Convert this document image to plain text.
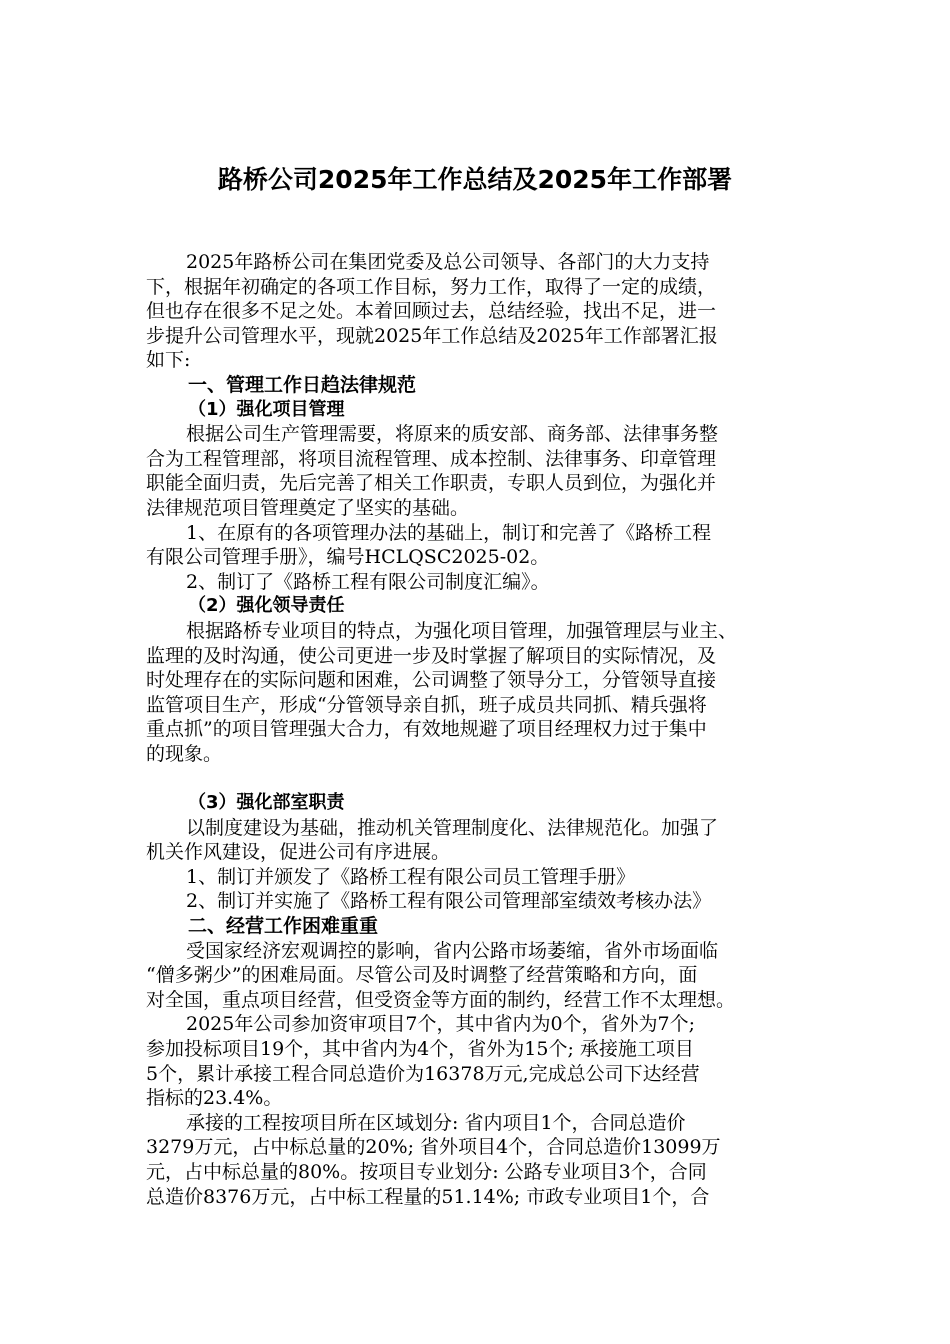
路桥公司2025年工作总结及2025年工作部署
2025年路桥公司在集团党委及总公司领导、各部门的大力支持
下，根据年初确定的各项工作目标，努力工作，取得了一定的成绩，
但也存在很多不足之处。本着回顾过去，总结经验，找出不足，进一
步提升公司管理水平，现就2025年工作总结及2025年工作部署汇报
如下:
一、管理工作日趋法律规范
（1）强化项目管理
根据公司生产管理需要，将原来的质安部、商务部、法律事务整
合为工程管理部，将项目流程管理、成本控制、法律事务、印章管理
职能全面归责，先后完善了相关工作职责，专职人员到位，为强化并
法律规范项目管理奠定了坚实的基础。
1、在原有的各项管理办法的基础上，制订和完善了《路桥工程
有限公司管理手册》，编号HCLQSC2025-02。
2、制订了《路桥工程有限公司制度汇编》。
（2）强化领导责任
根据路桥专业项目的特点，为强化项目管理，加强管理层与业主、
监理的及时沟通，使公司更进一步及时掌握了解项目的实际情况，及
时处理存在的实际问题和困难，公司调整了领导分工，分管领导直接
监管项目生产，形成“分管领导亲自抓，班子成员共同抓、精兵强将
重点抓”的项目管理强大合力，有效地规避了项目经理权力过于集中
的现象。
（3）强化部室职责
以制度建设为基础，推动机关管理制度化、法律规范化。加强了
机关作风建设，促进公司有序进展。
1、制订并颁发了《路桥工程有限公司员工管理手册》
2、制订并实施了《路桥工程有限公司管理部室绩效考核办法》
二、经营工作困难重重
受国家经济宏观调控的影响，省内公路市场萎缩，省外市场面临
“僧多粥少”的困难局面。尽管公司及时调整了经营策略和方向，面
对全国，重点项目经营，但受资金等方面的制约，经营工作不太理想。
2025年公司参加资审项目7个，其中省内为0个，省外为7个;
参加投标项目19个，其中省内为4个，省外为15个; 承接施工项目
5个，累计承接工程合同总造价为16378万元,完成总公司下达经营
指标的23.4%。
承接的工程按项目所在区域划分: 省内项目1个，合同总造价
3279万元，占中标总量的20%; 省外项目4个，合同总造价13099万
元，占中标总量的80%。按项目专业划分: 公路专业项目3个，合同
总造价8376万元，占中标工程量的51.14%; 市政专业项目1个，合
